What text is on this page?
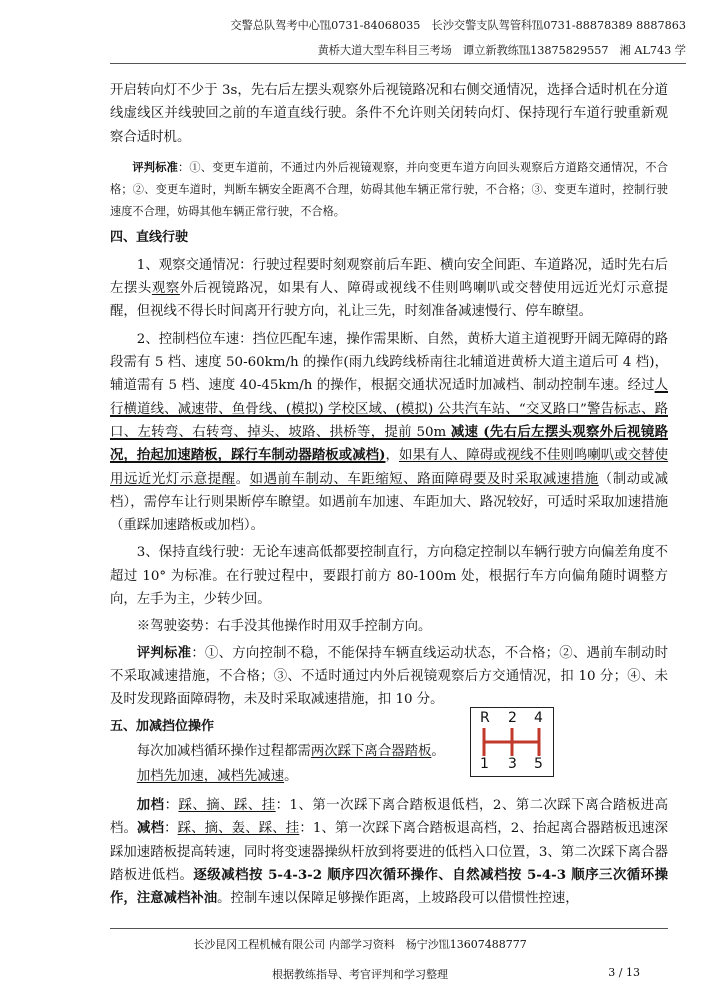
交警总队驾考中心℡0731-84068035　长沙交警支队驾管科℡0731-88878389 8887863
黄桥大道大型车科目三考场　谭立新教练℡13875829557　湘 AL743 学

开启转向灯不少于 3s，先右后左摆头观察外后视镜路况和右侧交通情况，选择合适时机在分道线虚线区并线驶回之前的车道直线行驶。条件不允许则关闭转向灯、保持现行车道行驶重新观察合适时机。

评判标准：①、变更车道前，不通过内外后视镜观察，并向变更车道方向回头观察后方道路交通情况，不合格；②、变更车道时，判断车辆安全距离不合理，妨碍其他车辆正常行驶，不合格；③、变更车道时，控制行驶速度不合理，妨碍其他车辆正常行驶，不合格。

四、直线行驶

1、观察交通情况：行驶过程要时刻观察前后车距、横向安全间距、车道路况，适时先右后左摆头观察外后视镜路况，如果有人、障碍或视线不佳则鸣喇叭或交替使用远近光灯示意提醒，但视线不得长时间离开行驶方向，礼让三先，时刻准备减速慢行、停车瞭望。

2、控制档位车速：挡位匹配车速，操作需果断、自然，黄桥大道主道视野开阔无障碍的路段需有 5 档、速度 50-60km/h 的操作(雨九线跨线桥南往北辅道进黄桥大道主道后可 4 档)，辅道需有 5 档、速度 40-45km/h 的操作，根据交通状况适时加减档、制动控制车速。经过人行横道线、减速带、鱼骨线、(模拟) 学校区域、(模拟) 公共汽车站、“交叉路口”警告标志、路口、左转弯、右转弯、掉头、坡路、拱桥等，提前 50m 减速 (先右后左摆头观察外后视镜路况，抬起加速踏板，踩行车制动器踏板或减档)，如果有人、障碍或视线不佳则鸣喇叭或交替使用远近光灯示意提醒。如遇前车制动、车距缩短、路面障碍要及时采取减速措施（制动或减档），需停车让行则果断停车瞭望。如遇前车加速、车距加大、路况较好，可适时采取加速措施（重踩加速踏板或加档）。

3、保持直线行驶：无论车速高低都要控制直行，方向稳定控制以车辆行驶方向偏差角度不超过 10° 为标准。在行驶过程中，要跟打前方 80-100m 处，根据行车方向偏角随时调整方向，左手为主，少转少回。

※驾驶姿势：右手没其他操作时用双手控制方向。

评判标准：①、方向控制不稳，不能保持车辆直线运动状态，不合格；②、遇前车制动时不采取减速措施，不合格；③、不适时通过内外后视镜观察后方交通情况，扣 10 分；④、未及时发现路面障碍物，未及时采取减速措施，扣 10 分。

五、加减挡位操作

每次加减档循环操作过程都需两次踩下离合器踏板。

加档先加速，减档先减速。

加档：踩、摘、踩、挂：1、第一次踩下离合踏板退低档，2、第二次踩下离合踏板进高档。减档：踩、摘、轰、踩、挂：1、第一次踩下离合踏板退高档，2、抬起离合器踏板迅速深踩加速踏板提高转速，同时将变速器操纵杆放到将要进的低档入口位置，3、第二次踩下离合器踏板进低档。逐级减档按 5-4-3-2 顺序四次循环操作、自然减档按 5-4-3 顺序三次循环操作，注意减档补油。控制车速以保障足够操作距离，上坡路段可以借惯性控速，

R 2 4
1 3 5
长沙昆冈工程机械有限公司 内部学习资料　杨宁沙℡13607488777
根据教练指导、考官评判和学习整理	3 / 13
